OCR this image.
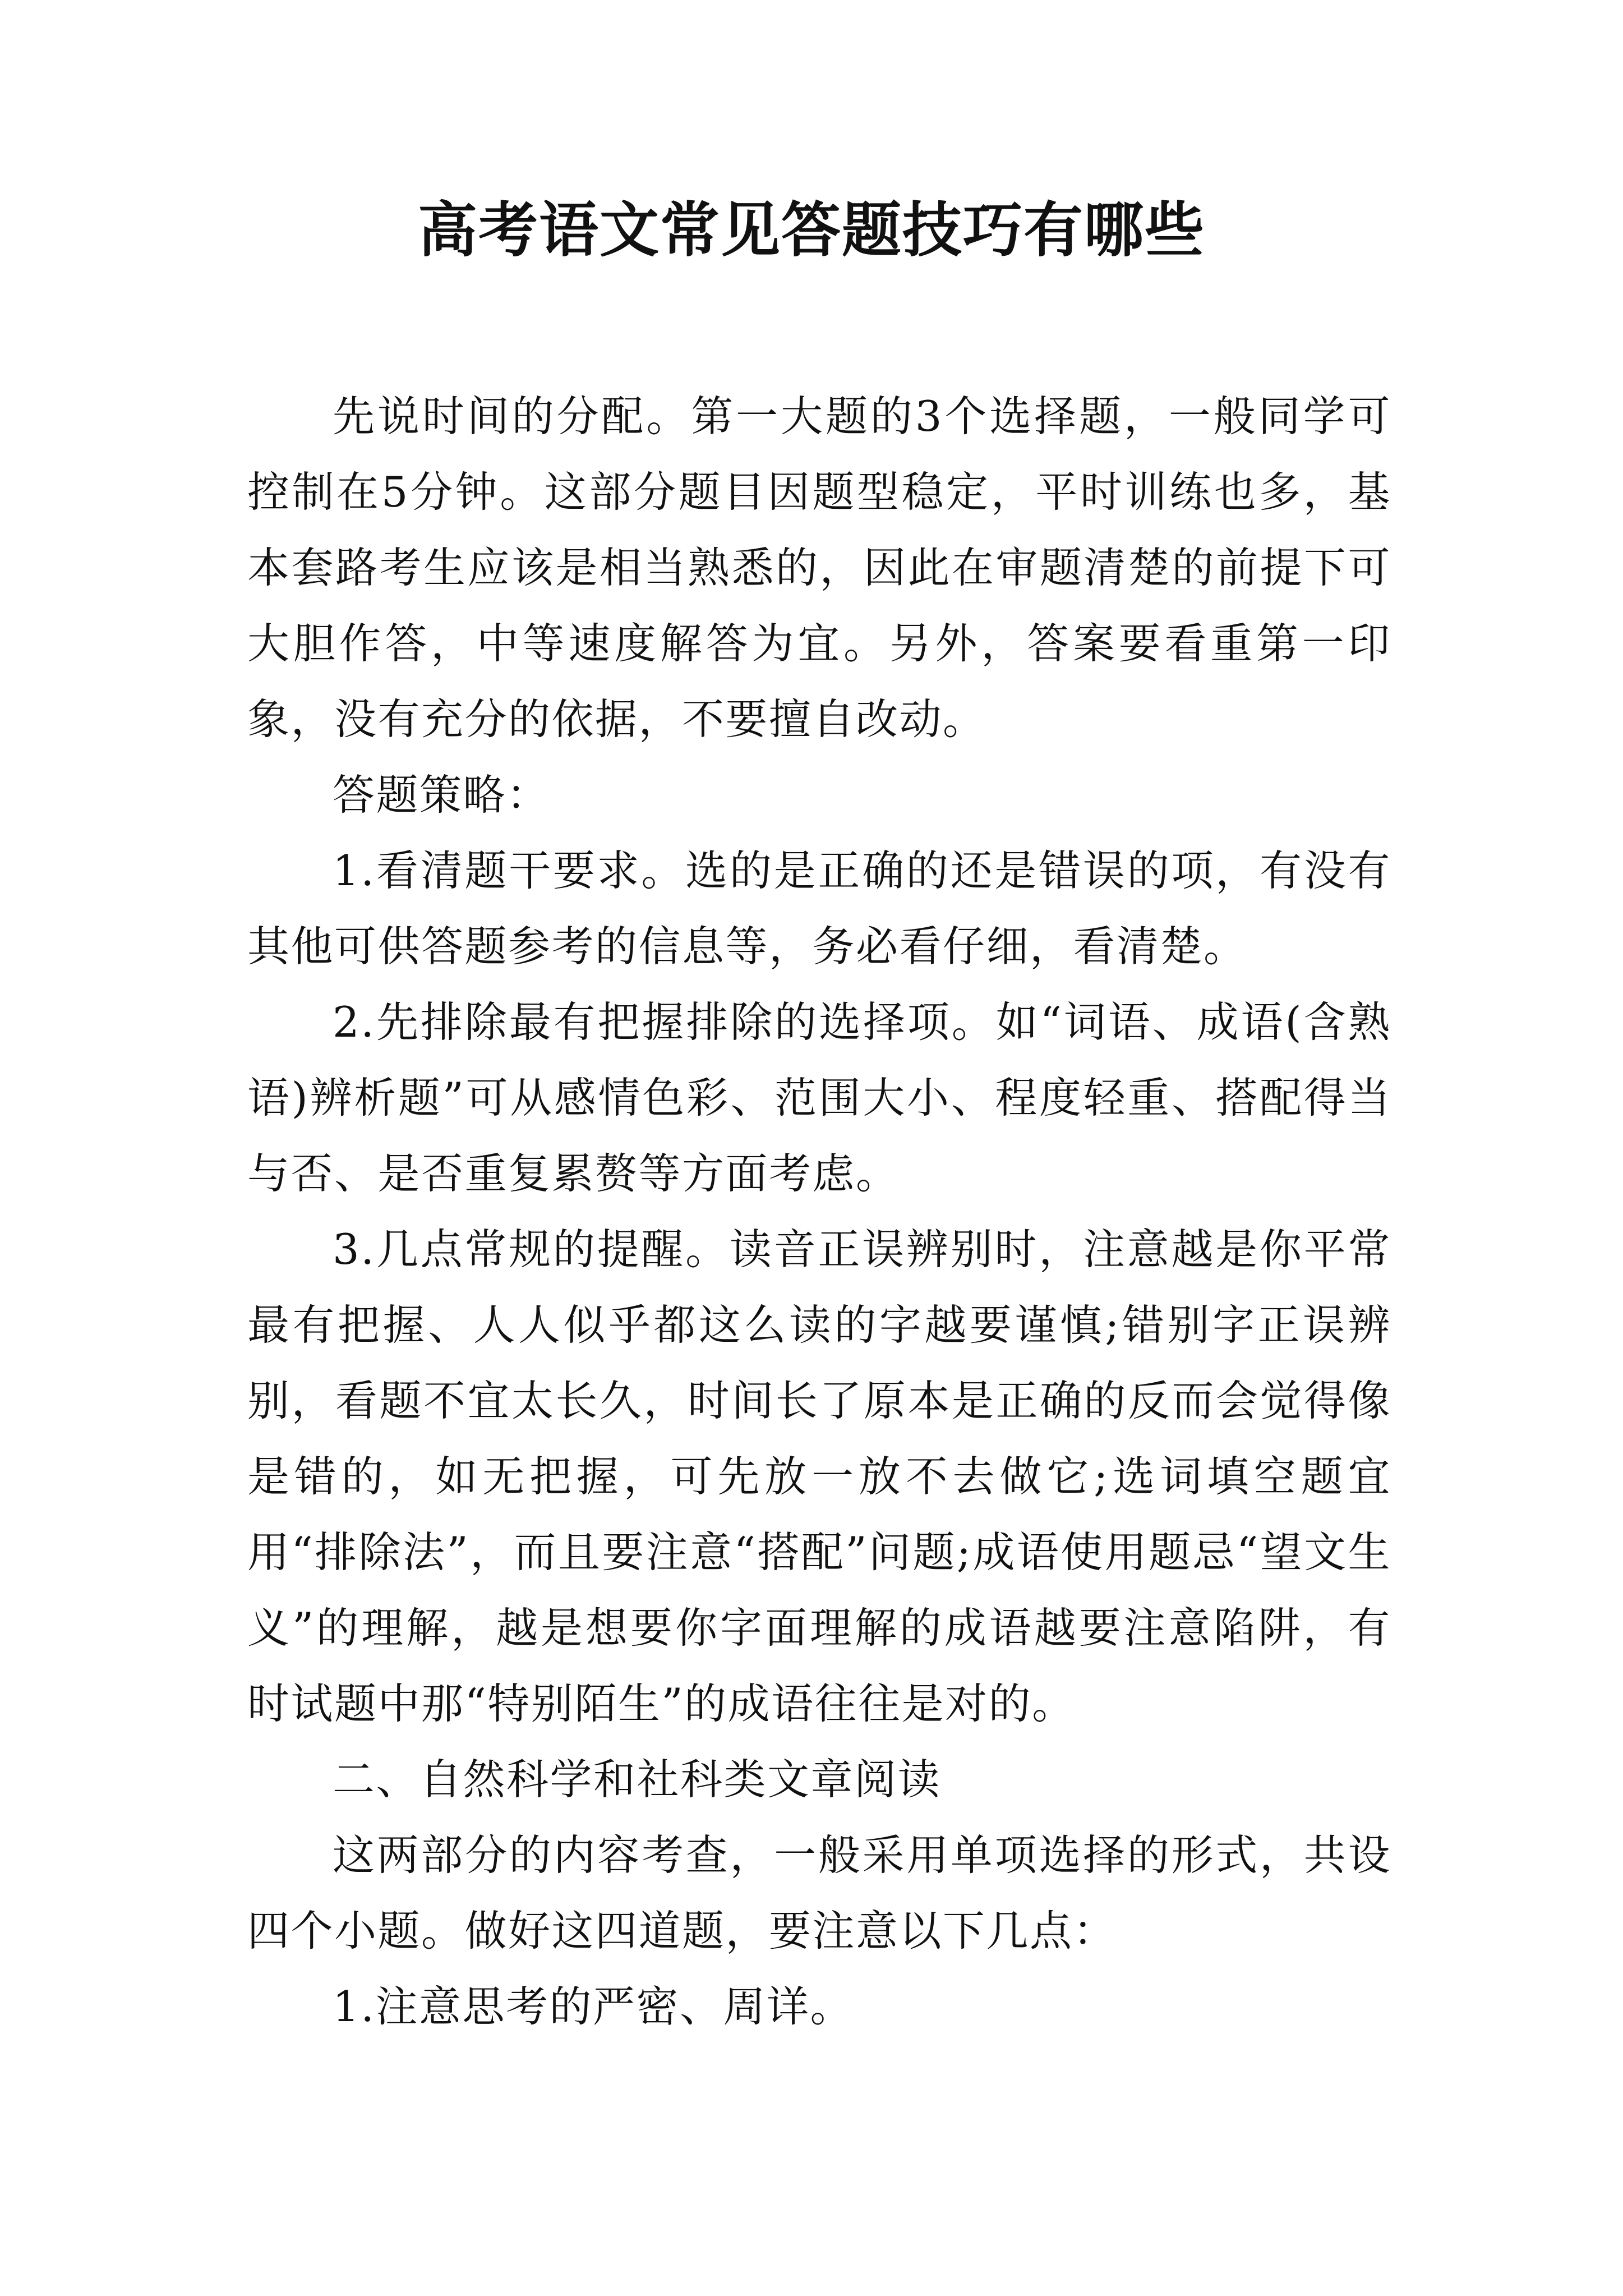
高考语文常见答题技巧有哪些

先说时间的分配。第一大题的3个选择题，一般同学可控制在5分钟。这部分题目因题型稳定，平时训练也多，基本套路考生应该是相当熟悉的，因此在审题清楚的前提下可大胆作答，中等速度解答为宜。另外，答案要看重第一印象，没有充分的依据，不要擅自改动。

答题策略：

1.看清题干要求。选的是正确的还是错误的项，有没有其他可供答题参考的信息等，务必看仔细，看清楚。

2.先排除最有把握排除的选择项。如“词语、成语(含熟语)辨析题”可从感情色彩、范围大小、程度轻重、搭配得当与否、是否重复累赘等方面考虑。

3.几点常规的提醒。读音正误辨别时，注意越是你平常最有把握、人人似乎都这么读的字越要谨慎;错别字正误辨别，看题不宜太长久，时间长了原本是正确的反而会觉得像是错的，如无把握，可先放一放不去做它;选词填空题宜用“排除法”，而且要注意“搭配”问题;成语使用题忌“望文生义”的理解，越是想要你字面理解的成语越要注意陷阱，有时试题中那“特别陌生”的成语往往是对的。

二、自然科学和社科类文章阅读

这两部分的内容考查，一般采用单项选择的形式，共设四个小题。做好这四道题，要注意以下几点：

1.注意思考的严密、周详。
